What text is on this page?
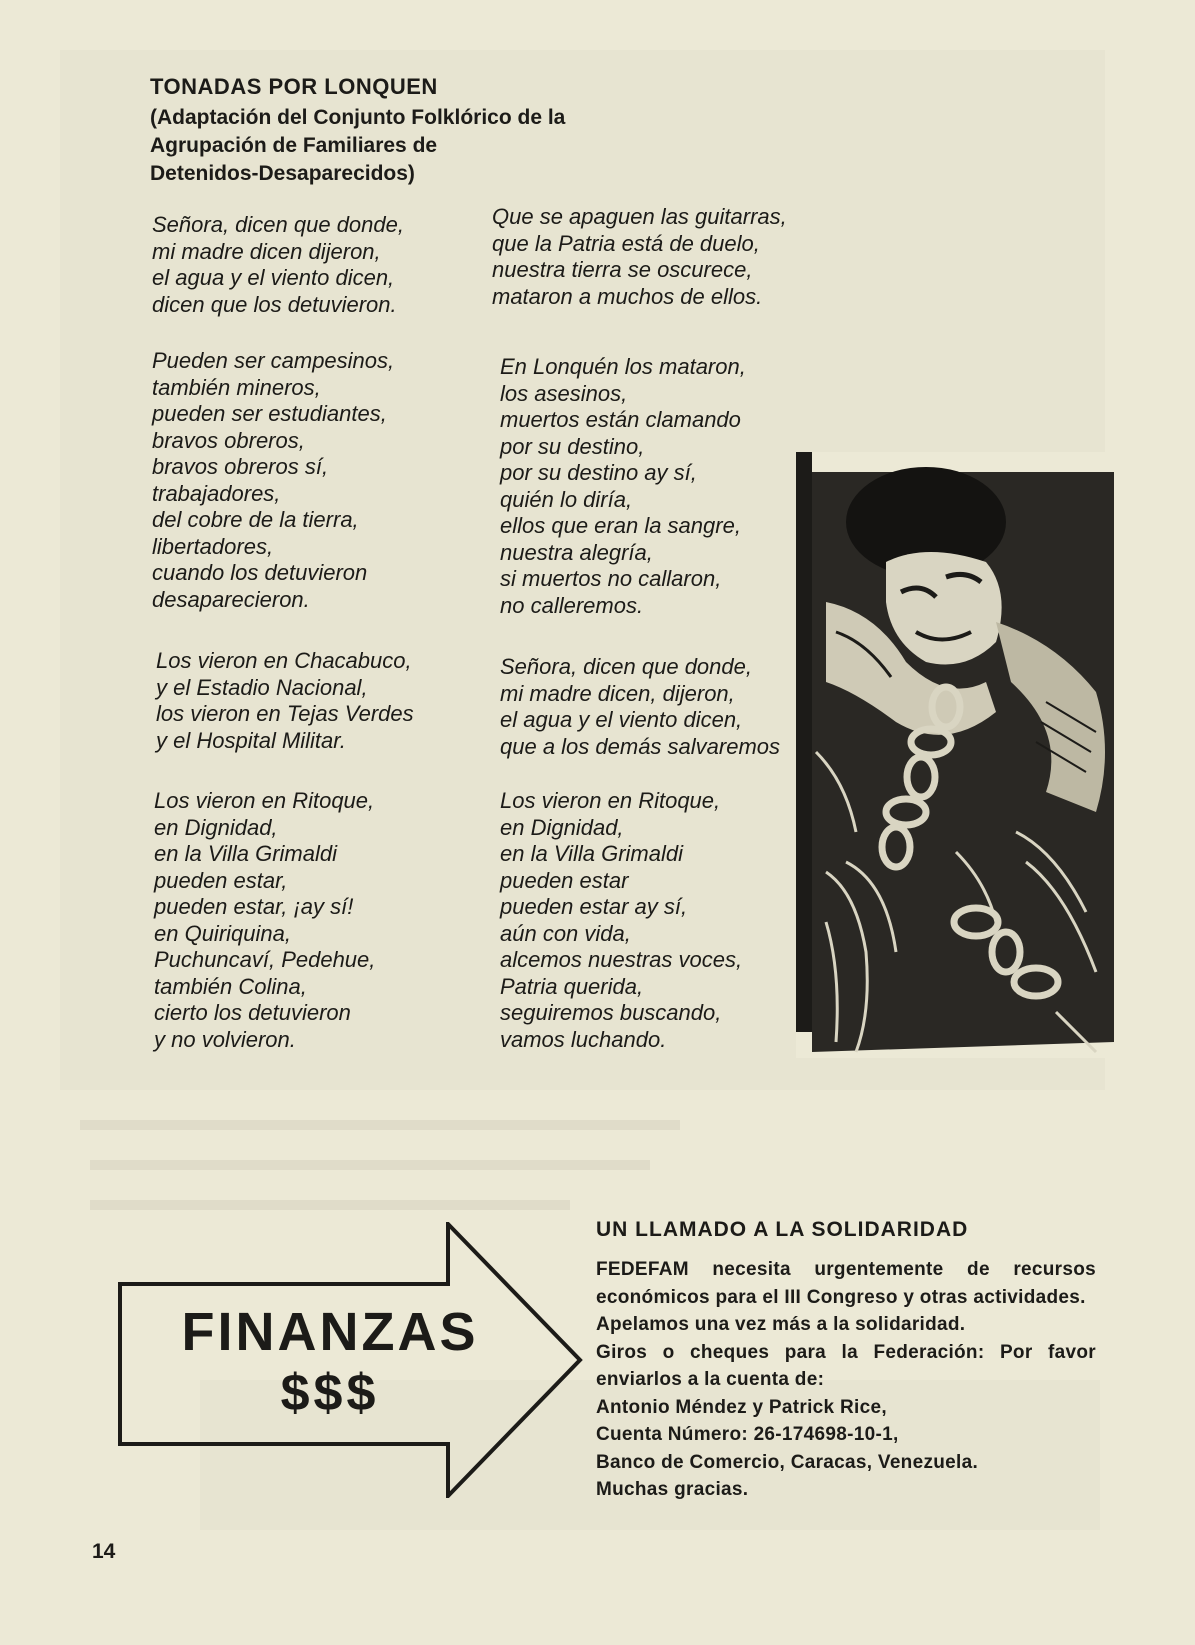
TONADAS POR LONQUEN
(Adaptación del Conjunto Folklórico de la
Agrupación de Familiares de
Detenidos-Desaparecidos)
Señora, dicen que donde,
mi madre dicen dijeron,
el agua y el viento dicen,
dicen que los detuvieron.
Pueden ser campesinos,
también mineros,
pueden ser estudiantes,
bravos obreros,
bravos obreros sí,
trabajadores,
del cobre de la tierra,
libertadores,
cuando los detuvieron
desaparecieron.
Los vieron en Chacabuco,
y el Estadio Nacional,
los vieron en Tejas Verdes
y el Hospital Militar.
Los vieron en Ritoque,
en Dignidad,
en la Villa Grimaldi
pueden estar,
pueden estar, ¡ay sí!
en Quiriquina,
Puchuncaví, Pedehue,
también Colina,
cierto los detuvieron
y no volvieron.
Que se apaguen las guitarras,
que la Patria está de duelo,
nuestra tierra se oscurece,
mataron a muchos de ellos.
En Lonquén los mataron,
los asesinos,
muertos están clamando
por su destino,
por su destino ay sí,
quién lo diría,
ellos que eran la sangre,
nuestra alegría,
si muertos no callaron,
no calleremos.
Señora, dicen que donde,
mi madre dicen, dijeron,
el agua y el viento dicen,
que a los demás salvaremos
Los vieron en Ritoque,
en Dignidad,
en la Villa Grimaldi
pueden estar
pueden estar ay sí,
aún con vida,
alcemos nuestras voces,
Patria querida,
seguiremos buscando,
vamos luchando.
FINANZAS
$$$
UN LLAMADO A LA SOLIDARIDAD

FEDEFAM necesita urgentemente de recursos económicos para el III Congreso y otras actividades.

Apelamos una vez más a la solidaridad.

Giros o cheques para la Federación: Por favor enviarlos a la cuenta de:

Antonio Méndez y Patrick Rice,

Cuenta Número: 26-174698-10-1,

Banco de Comercio, Caracas, Venezuela.

Muchas gracias.

14
